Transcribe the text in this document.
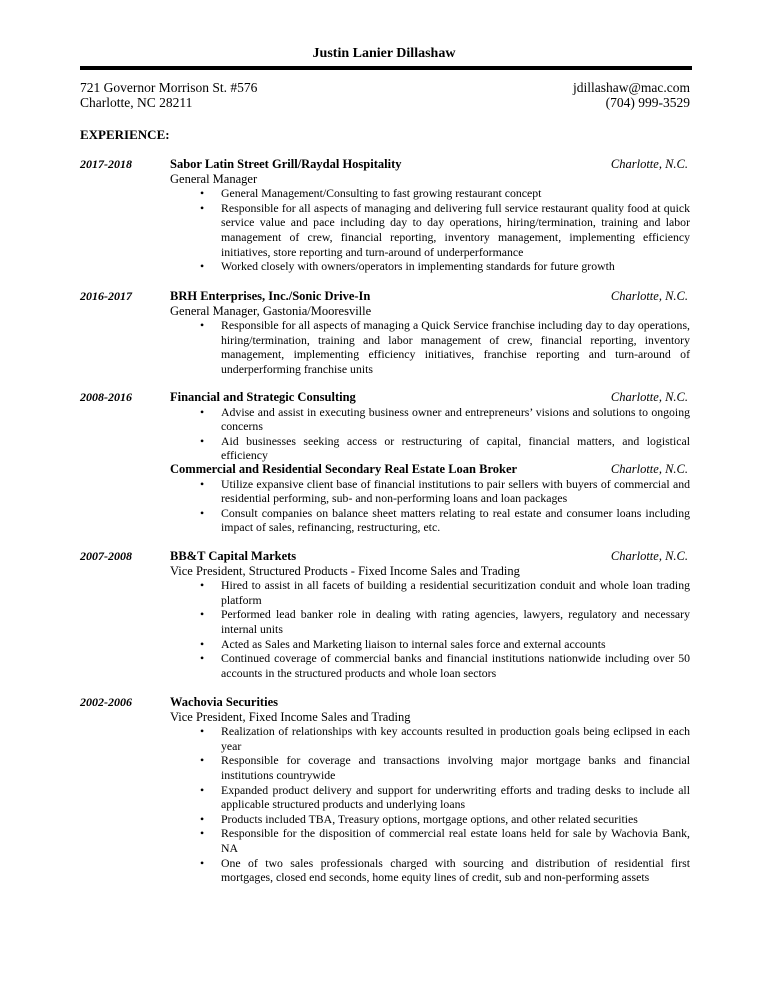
Justin Lanier Dillashaw
721 Governor Morrison St. #576
Charlotte, NC 28211
jdillashaw@mac.com
(704) 999-3529
EXPERIENCE:
2017-2018	Sabor Latin Street Grill/Raydal Hospitality	Charlotte, N.C.
General Manager
• General Management/Consulting to fast growing restaurant concept
• Responsible for all aspects of managing and delivering full service restaurant quality food at quick service value and pace including day to day operations, hiring/termination, training and labor management of crew, financial reporting, inventory management, implementing efficiency initiatives, store reporting and turn-around of underperformance
• Worked closely with owners/operators in implementing standards for future growth
2016-2017	BRH Enterprises, Inc./Sonic Drive-In	Charlotte, N.C.
General Manager, Gastonia/Mooresville
• Responsible for all aspects of managing a Quick Service franchise including day to day operations, hiring/termination, training and labor management of crew, financial reporting, inventory management, implementing efficiency initiatives, franchise reporting and turn-around of underperforming franchise units
2008-2016	Financial and Strategic Consulting	Charlotte, N.C.
• Advise and assist in executing business owner and entrepreneurs’ visions and solutions to ongoing concerns
• Aid businesses seeking access or restructuring of capital, financial matters, and logistical efficiency
Commercial and Residential Secondary Real Estate Loan Broker	Charlotte, N.C.
• Utilize expansive client base of financial institutions to pair sellers with buyers of commercial and residential performing, sub- and non-performing loans and loan packages
• Consult companies on balance sheet matters relating to real estate and consumer loans including impact of sales, refinancing, restructuring, etc.
2007-2008	BB&T Capital Markets	Charlotte, N.C.
Vice President, Structured Products - Fixed Income Sales and Trading
• Hired to assist in all facets of building a residential securitization conduit and whole loan trading platform
• Performed lead banker role in dealing with rating agencies, lawyers, regulatory and necessary internal units
• Acted as Sales and Marketing liaison to internal sales force and external accounts
• Continued coverage of commercial banks and financial institutions nationwide including over 50 accounts in the structured products and whole loan sectors
2002-2006	Wachovia Securities
Vice President, Fixed Income Sales and Trading
• Realization of relationships with key accounts resulted in production goals being eclipsed in each year
• Responsible for coverage and transactions involving major mortgage banks and financial institutions countrywide
• Expanded product delivery and support for underwriting efforts and trading desks to include all applicable structured products and underlying loans
• Products included TBA, Treasury options, mortgage options, and other related securities
• Responsible for the disposition of commercial real estate loans held for sale by Wachovia Bank, NA
• One of two sales professionals charged with sourcing and distribution of residential first mortgages, closed end seconds, home equity lines of credit, sub and non-performing assets
